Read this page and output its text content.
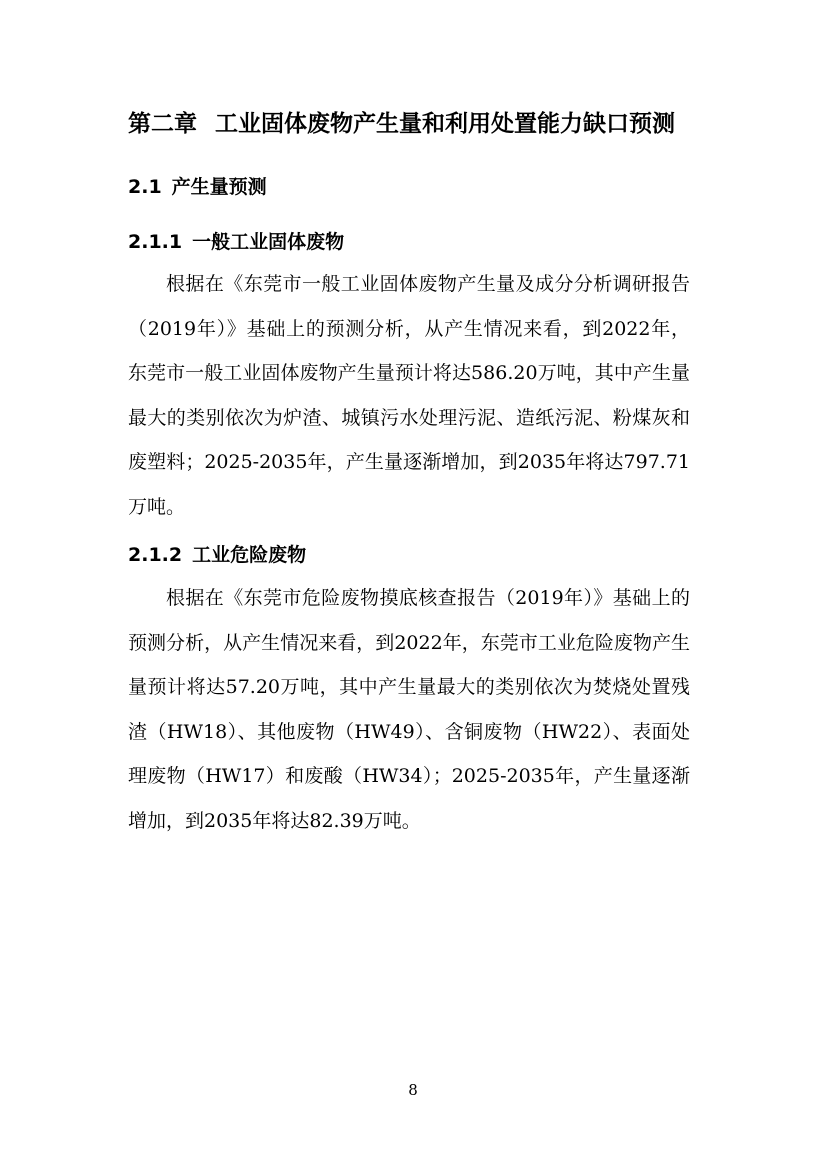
第二章 工业固体废物产生量和利用处置能力缺口预测
2.1 产生量预测
2.1.1 一般工业固体废物

根据在《东莞市一般工业固体废物产生量及成分分析调研报告（2019年）》基础上的预测分析，从产生情况来看，到2022年，东莞市一般工业固体废物产生量预计将达586.20万吨，其中产生量最大的类别依次为炉渣、城镇污水处理污泥、造纸污泥、粉煤灰和废塑料；2025-2035年，产生量逐渐增加，到2035年将达797.71万吨。

2.1.2 工业危险废物

根据在《东莞市危险废物摸底核查报告（2019年）》基础上的预测分析，从产生情况来看，到2022年，东莞市工业危险废物产生量预计将达57.20万吨，其中产生量最大的类别依次为焚烧处置残渣（HW18）、其他废物（HW49）、含铜废物（HW22）、表面处理废物（HW17）和废酸（HW34）；2025-2035年，产生量逐渐增加，到2035年将达82.39万吨。

8
